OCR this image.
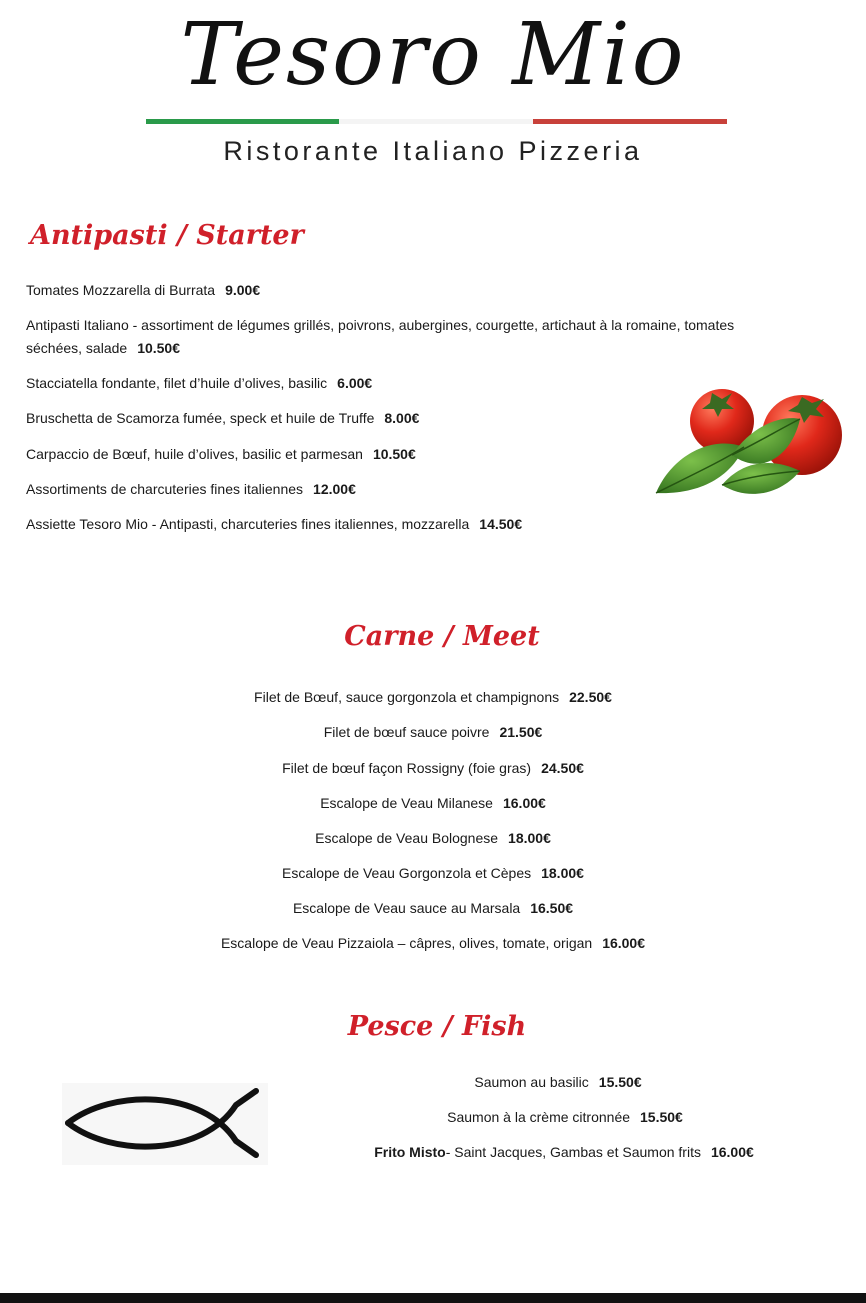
Tesoro Mio
Ristorante Italiano Pizzeria
Antipasti / Starter
Tomates Mozzarella di Burrata 9.00€
Antipasti Italiano - assortiment de légumes grillés, poivrons, aubergines, courgette, artichaut à la romaine, tomates
séchées, salade 10.50€
Stacciatella fondante, filet d’huile d’olives, basilic 6.00€
Bruschetta de Scamorza fumée, speck et huile de Truffe 8.00€
Carpaccio de Bœuf, huile d’olives, basilic et parmesan 10.50€
Assortiments de charcuteries fines italiennes 12.00€
Assiette Tesoro Mio - Antipasti, charcuteries fines italiennes, mozzarella 14.50€
Carne / Meet
Filet de Bœuf, sauce gorgonzola et champignons 22.50€
Filet de bœuf sauce poivre 21.50€
Filet de bœuf façon Rossigny (foie gras) 24.50€
Escalope de Veau Milanese 16.00€
Escalope de Veau Bolognese 18.00€
Escalope de Veau Gorgonzola et Cèpes 18.00€
Escalope de Veau sauce au Marsala 16.50€
Escalope de Veau Pizzaiola – câpres, olives, tomate, origan 16.00€
Pesce / Fish
Saumon au basilic 15.50€
Saumon à la crème citronnée 15.50€
Frito Misto- Saint Jacques, Gambas et Saumon frits 16.00€
